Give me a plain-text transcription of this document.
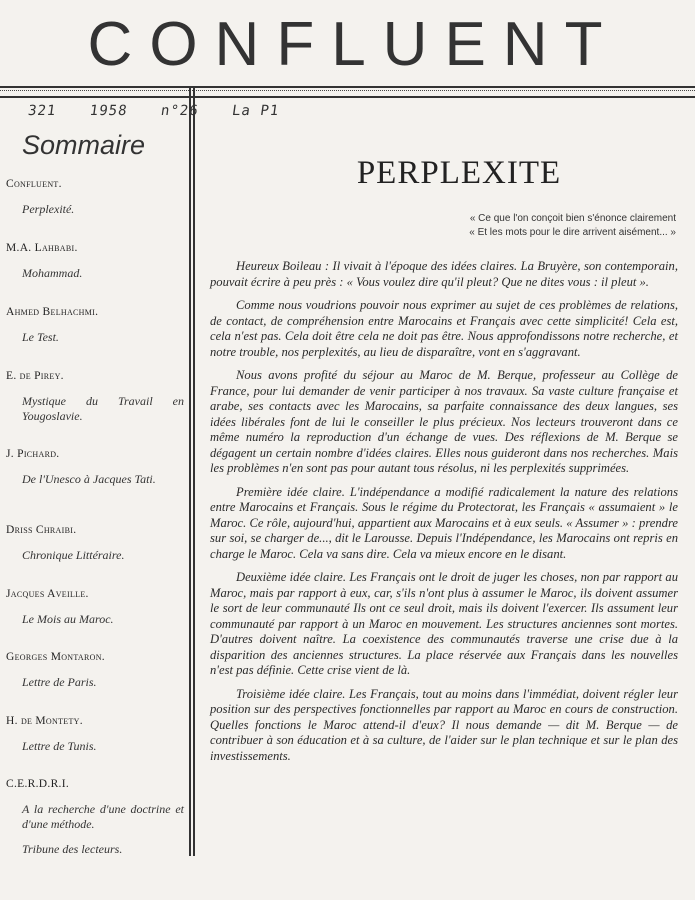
CONFLUENT
321 1958 n°26 La P1
Sommaire
Confluent.
Perplexité.
M.A. Lahbabi.
Mohammad.
Ahmed Belhachmi.
Le Test.
E. de Pirey.
Mystique du Travail en Yougoslavie.
J. Pichard.
De l'Unesco à Jacques Tati.
Driss Chraibi.
Chronique Littéraire.
Jacques Aveille.
Le Mois au Maroc.
Georges Montaron.
Lettre de Paris.
H. de Montety.
Lettre de Tunis.
C.E.R.D.R.I.
A la recherche d'une doctrine et d'une méthode.
Tribune des lecteurs.
PERPLEXITE
« Ce que l'on conçoit bien s'énonce clairement
« Et les mots pour le dire arrivent aisément... »

Heureux Boileau : Il vivait à l'époque des idées claires. La Bruyère, son contemporain, pouvait écrire à peu près : « Vous voulez dire qu'il pleut? Que ne dites vous : il pleut ».

Comme nous voudrions pouvoir nous exprimer au sujet de ces problèmes de relations, de contact, de compréhension entre Marocains et Français avec cette simplicité! Cela est, cela n'est pas. Cela doit être cela ne doit pas être. Nous approfondissons notre recherche, et notre trouble, nos perplexités, au lieu de disparaître, vont en s'aggravant.

Nous avons profité du séjour au Maroc de M. Berque, professeur au Collège de France, pour lui demander de venir participer à nos travaux. Sa vaste culture française et arabe, ses contacts avec les Marocains, sa parfaite connaissance des deux langues, ses idées libérales font de lui le conseiller le plus précieux. Nos lecteurs trouveront dans ce même numéro la reproduction d'un échange de vues. Des réflexions de M. Berque se dégagent un certain nombre d'idées claires. Elles nous guideront dans nos recherches. Mais les problèmes n'en sont pas pour autant tous résolus, ni les perplexités supprimées.

Première idée claire. L'indépendance a modifié radicalement la nature des relations entre Marocains et Français. Sous le régime du Protectorat, les Français « assumaient » le Maroc. Ce rôle, aujourd'hui, appartient aux Marocains et à eux seuls. « Assumer » : prendre sur soi, se charger de..., dit le Larousse. Depuis l'Indépendance, les Marocains ont repris en charge le Maroc. Cela va sans dire. Cela va mieux encore en le disant.

Deuxième idée claire. Les Français ont le droit de juger les choses, non par rapport au Maroc, mais par rapport à eux, car, s'ils n'ont plus à assumer le Maroc, ils doivent assumer le sort de leur communauté Ils ont ce seul droit, mais ils doivent l'exercer. Ils assument leur communauté par rapport à un Maroc en mouvement. Les structures anciennes sont mortes. D'autres doivent naître. La coexistence des communautés traverse une crise due à la disparition des anciennes structures. La place réservée aux Français dans les nouvelles n'est pas définie. Cette crise vient de là.

Troisième idée claire. Les Français, tout au moins dans l'immédiat, doivent régler leur position sur des perspectives fonctionnelles par rapport au Maroc en cours de construction. Quelles fonctions le Maroc attend-il d'eux? Il nous demande — dit M. Berque — de contribuer à son éducation et à sa culture, de l'aider sur le plan technique et sur le plan des investissements.
